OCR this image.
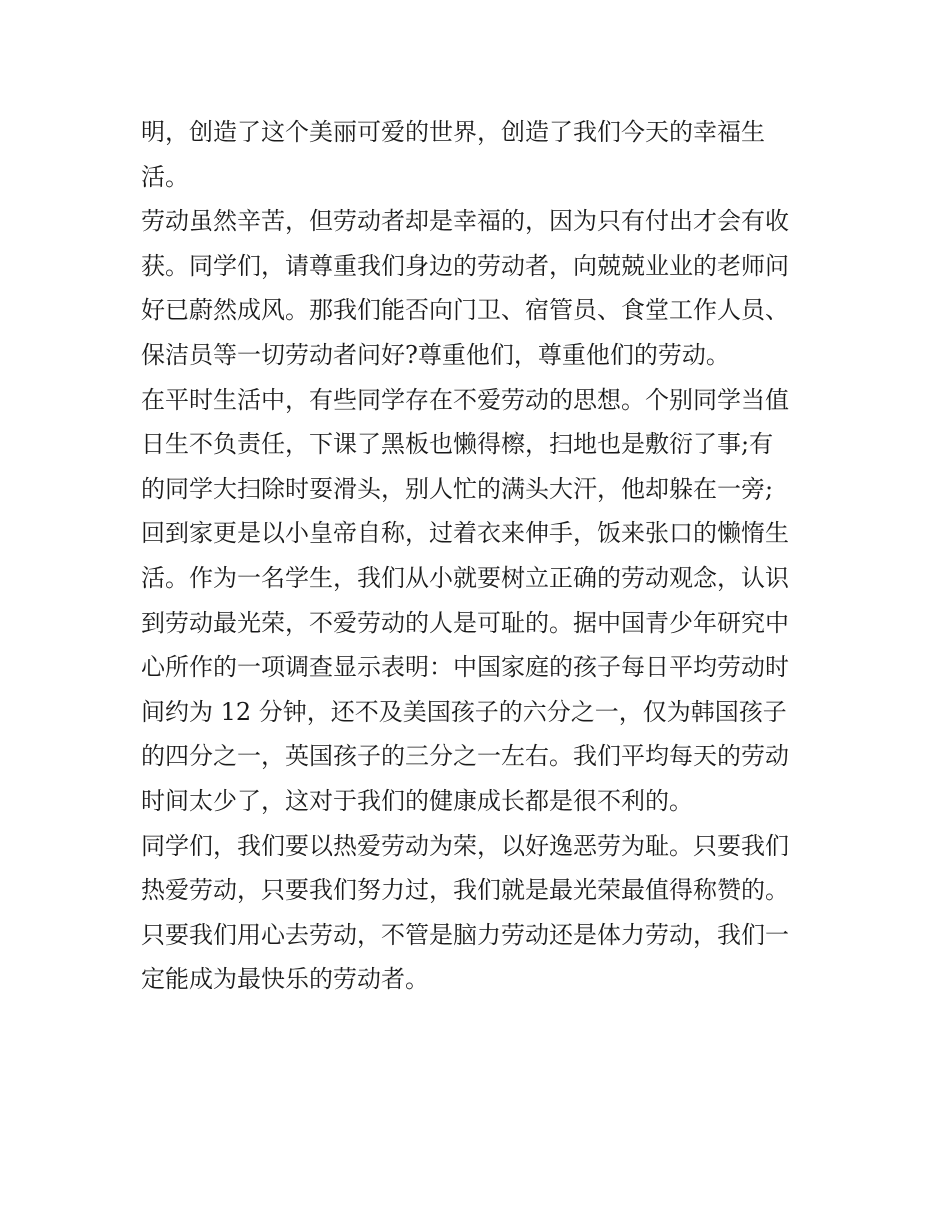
明，创造了这个美丽可爱的世界，创造了我们今天的幸福生
活。
劳动虽然辛苦，但劳动者却是幸福的，因为只有付出才会有收
获。同学们，请尊重我们身边的劳动者，向兢兢业业的老师问
好已蔚然成风。那我们能否向门卫、宿管员、食堂工作人员、
保洁员等一切劳动者问好?尊重他们，尊重他们的劳动。
在平时生活中，有些同学存在不爱劳动的思想。个别同学当值
日生不负责任，下课了黑板也懒得檫，扫地也是敷衍了事;有
的同学大扫除时耍滑头，别人忙的满头大汗，他却躲在一旁;
回到家更是以小皇帝自称，过着衣来伸手，饭来张口的懒惰生
活。作为一名学生，我们从小就要树立正确的劳动观念，认识
到劳动最光荣，不爱劳动的人是可耻的。据中国青少年研究中
心所作的一项调查显示表明：中国家庭的孩子每日平均劳动时
间约为 12 分钟，还不及美国孩子的六分之一，仅为韩国孩子
的四分之一，英国孩子的三分之一左右。我们平均每天的劳动
时间太少了，这对于我们的健康成长都是很不利的。
同学们，我们要以热爱劳动为荣，以好逸恶劳为耻。只要我们
热爱劳动，只要我们努力过，我们就是最光荣最值得称赞的。
只要我们用心去劳动，不管是脑力劳动还是体力劳动，我们一
定能成为最快乐的劳动者。
